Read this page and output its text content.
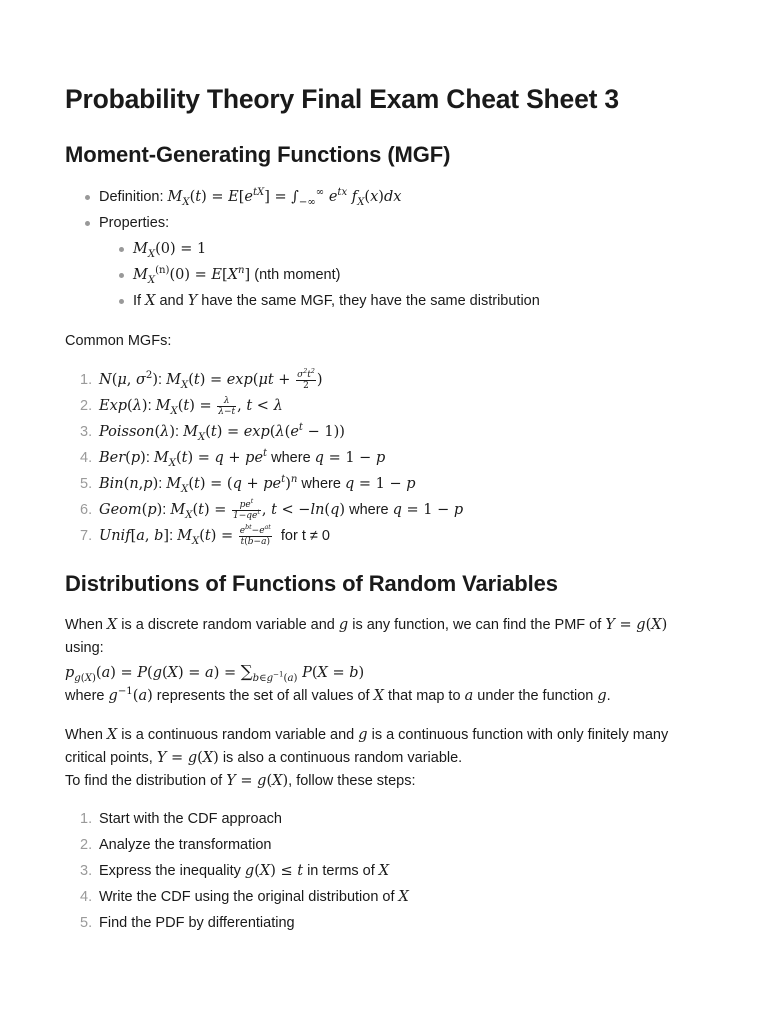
Probability Theory Final Exam Cheat Sheet 3
Moment-Generating Functions (MGF)
Definition: $M_X(t) = E[e^{tX}] = \int_{-\infty}^\infty$ $e^{tx}$ $f_X(x)dx$
Properties:
$M_X(0) = 1$
$M_X^{(n)}(0) = E[X^n]$ (nth moment)
If X and Y have the same MGF, they have the same distribution

Common MGFs:

1. N(μ, $\sigma^2$): $M_X(t) = \exp(\mu t + \frac{\sigma^2t^2}{2}$ )
2. Exp(λ): $M_X(t) = \frac{\lambda}{\lambda-t}$ , t < λ
3. Poisson(λ): $M_X(t) = \exp(\lambda(e^t - 1))$
4. Ber(p): $M_X(t) = q + pe^t$ where q = 1 − p
5. Bin(n,p): $M_X(t) = (q + pe^t)^n$ where q = 1 − p
6. Geom(p): $M_X(t) = \frac{pe^t}{1-qe^t}$ , t < −ln(q) where q = 1 − p
7. Unif[a, b]: $M_X(t) = \frac{e^{bt}-e^{at}}{t(b-a)}$ for t ≠ 0
Distributions of Functions of Random Variables

When X is a discrete random variable and g is any function, we can find the PMF of Y = g(X) using:
$p_{g(X)}(a) = P(g(X) = a) = \sum_{b\in g^{-1}(a)}$ P(X = b)
where $g^{-1}(a)$ represents the set of all values of X that map to a under the function g.

When X is a continuous random variable and g is a continuous function with only finitely many critical points, Y = g(X) is also a continuous random variable.
To find the distribution of Y = g(X), follow these steps:

1. Start with the CDF approach
2. Analyze the transformation
3. Express the inequality g(X) ≤ t in terms of X
4. Write the CDF using the original distribution of X
5. Find the PDF by differentiating
